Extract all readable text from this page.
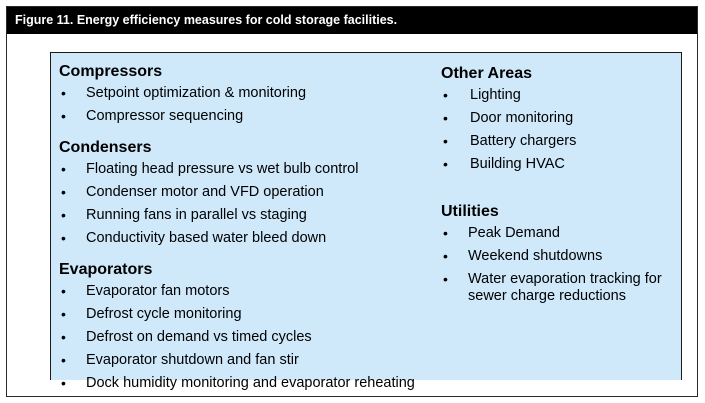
Figure 11. Energy efficiency measures for cold storage facilities.

Compressors

• Setpoint optimization & monitoring
• Compressor sequencing

Condensers

• Floating head pressure vs wet bulb control
• Condenser motor and VFD operation
• Running fans in parallel vs staging
• Conductivity based water bleed down

Evaporators

• Evaporator fan motors
• Defrost cycle monitoring
• Defrost on demand vs timed cycles
• Evaporator shutdown and fan stir
• Dock humidity monitoring and evaporator reheating

Other Areas

• Lighting
• Door monitoring
• Battery chargers
• Building HVAC

Utilities

• Peak Demand
• Weekend shutdowns
• Water evaporation tracking for sewer charge reductions
